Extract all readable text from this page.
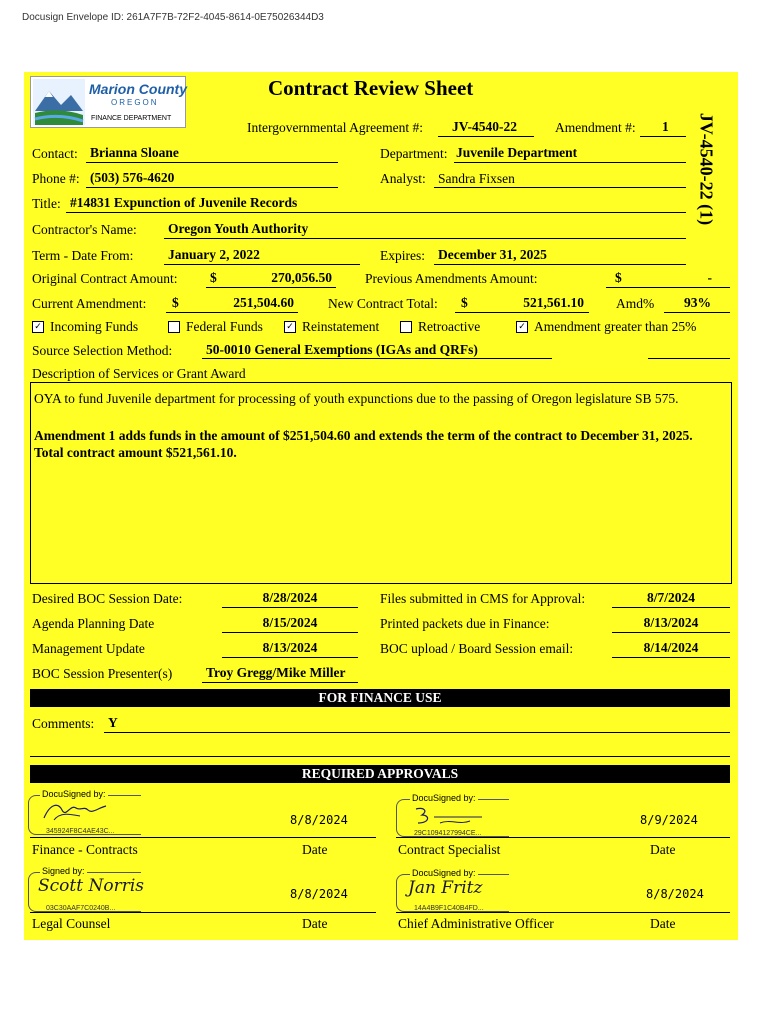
Docusign Envelope ID: 261A7F7B-72F2-4045-8614-0E75026344D3
Marion County
OREGON
FINANCE DEPARTMENT
Contract Review Sheet
JV-4540-22 (1)
Intergovernmental Agreement #: JV-4540-22	Amendment #: 1
Contact: Brianna Sloane	Department: Juvenile Department
Phone #: (503) 576-4620	Analyst: Sandra Fixsen
Title: #14831 Expunction of Juvenile Records
Contractor's Name: Oregon Youth Authority
Term - Date From:	January 2, 2022	Expires: December 31, 2025
Original Contract Amount: $	270,056.50 Previous Amendments Amount:	$	-
Current Amendment: $	251,504.60	New Contract Total: $	521,561.10 Amd% 93%
✓ Incoming Funds	Federal Funds	✓ Reinstatement	Retroactive	✓ Amendment greater than 25%
Source Selection Method:	50-0010 General Exemptions (IGAs and QRFs)
Description of Services or Grant Award
OYA to fund Juvenile department for processing of youth expunctions due to the passing of Oregon legislature SB 575.
Amendment 1 adds funds in the amount of $251,504.60 and extends the term of the contract to December 31, 2025. Total contract amount $521,561.10.
Desired BOC Session Date:	8/28/2024	Files submitted in CMS for Approval:	8/7/2024
Agenda Planning Date	8/15/2024	Printed packets due in Finance:	8/13/2024
Management Update	8/13/2024	BOC upload / Board Session email:	8/14/2024
BOC Session Presenter(s)	Troy Gregg/Mike Miller
FOR FINANCE USE
Comments: Y
REQUIRED APPROVALS
DocuSigned by:
345924F8C4AE43C...
8/8/2024
Finance - Contracts	Date
DocuSigned by:
29C1094127994CE...
8/9/2024
Contract Specialist	Date
Signed by:
Scott Norris
03C30AAF7C0240B...
8/8/2024
Legal Counsel	Date
DocuSigned by:
Jan Fritz
14A4B9F1C40B4FD...
8/8/2024
Chief Administrative Officer	Date
